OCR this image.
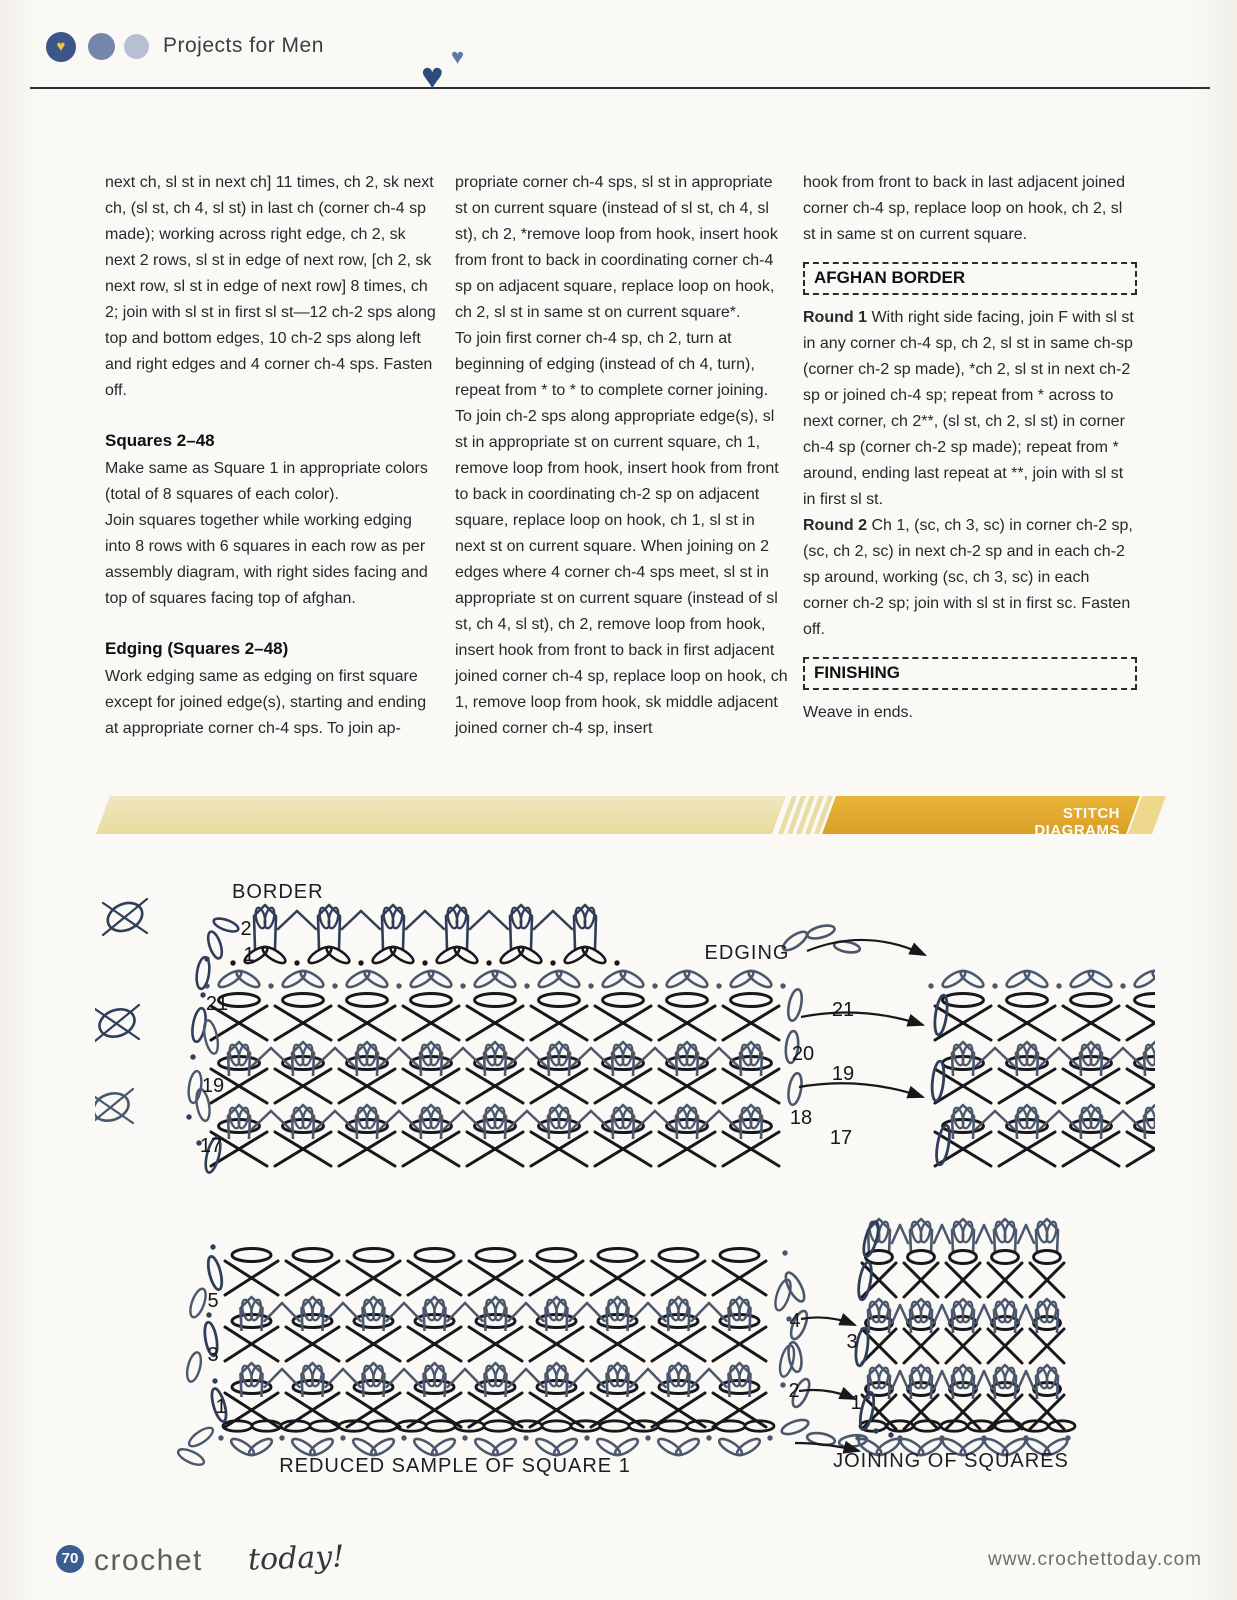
♥	Projects for Men
♥ ♥

next ch, sl st in next ch] 11 times, ch 2, sk next ch, (sl st, ch 4, sl st) in last ch (corner ch-4 sp made); working across right edge, ch 2, sk next 2 rows, sl st in edge of next row, [ch 2, sk next row, sl st in edge of next row] 8 times, ch 2; join with sl st in first sl st—12 ch-2 sps along top and bottom edges, 10 ch-2 sps along left and right edges and 4 corner ch-4 sps. Fasten off.

Squares 2–48

Make same as Square 1 in appropriate colors (total of 8 squares of each color).

Join squares together while working edging into 8 rows with 6 squares in each row as per assembly diagram, with right sides facing and top of squares facing top of afghan.

Edging (Squares 2–48)

Work edging same as edging on first square except for joined edge(s), starting and ending at appropriate corner ch-4 sps. To join ap-

propriate corner ch-4 sps, sl st in appropriate st on current square (instead of sl st, ch 4, sl st), ch 2, *remove loop from hook, insert hook from front to back in coordinating corner ch-4 sp on adjacent square, replace loop on hook, ch 2, sl st in same st on current square*.

To join first corner ch-4 sp, ch 2, turn at beginning of edging (instead of ch 4, turn), repeat from * to * to complete corner joining. To join ch-2 sps along appropriate edge(s), sl st in appropriate st on current square, ch 1, remove loop from hook, insert hook from front to back in coordinating ch-2 sp on adjacent square, replace loop on hook, ch 1, sl st in next st on current square. When joining on 2 edges where 4 corner ch-4 sps meet, sl st in appropriate st on current square (instead of sl st, ch 4, sl st), ch 2, remove loop from hook, insert hook from front to back in first adjacent joined corner ch-4 sp, replace loop on hook, ch 1, remove loop from hook, sk middle adjacent joined corner ch-4 sp, insert

hook from front to back in last adjacent joined corner ch-4 sp, replace loop on hook, ch 2, sl st in same st on current square.

AFGHAN BORDER

Round 1 With right side facing, join F with sl st in any corner ch-4 sp, ch 2, sl st in same ch-sp (corner ch-2 sp made), *ch 2, sl st in next ch-2 sp or joined ch-4 sp; repeat from * across to next corner, ch 2**, (sl st, ch 2, sl st) in corner ch-4 sp (corner ch-2 sp made); repeat from * around, ending last repeat at **, join with sl st in first sl st.

Round 2 Ch 1, (sc, ch 3, sc) in corner ch-2 sp, (sc, ch 2, sc) in next ch-2 sp and in each ch-2 sp around, working (sc, ch 3, sc) in each corner ch-2 sp; join with sl st in first sc. Fasten off.

FINISHING

Weave in ends.

STITCH DIAGRAMS
BORDER
EDGING
2
1
21
19
17
21
20
19
18
17
5
3
1
4
3
2
1
REDUCED SAMPLE OF SQUARE 1	JOINING OF SQUARES
70 crochet today!	www.crochettoday.com
